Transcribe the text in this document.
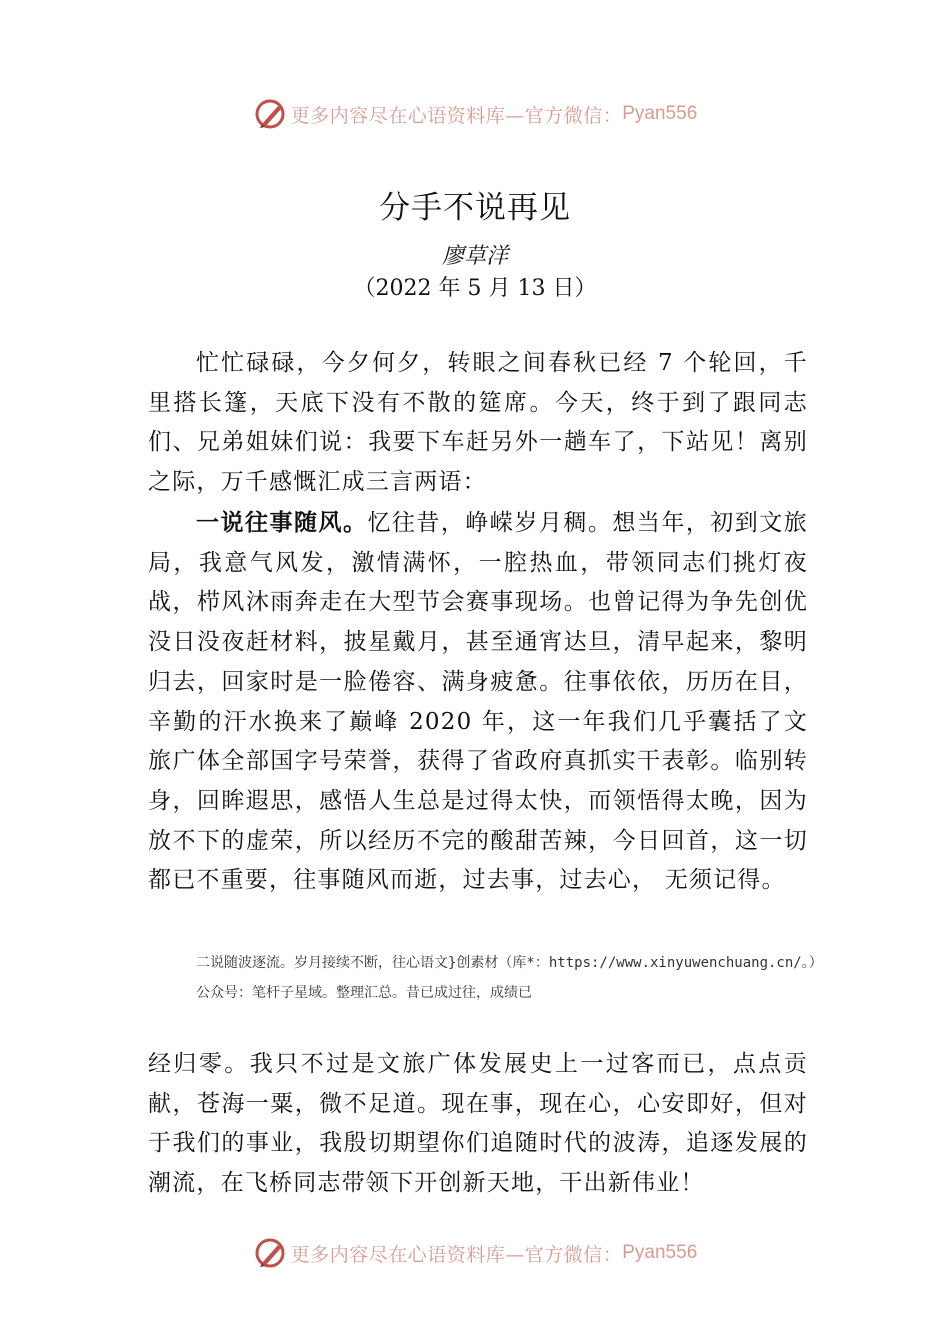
更多内容尽在心语资料库—官方微信： Pyan556
分手不说再见
廖草洋
（2022 年 5 月 13 日）

忙忙碌碌，今夕何夕，转眼之间春秋已经 7 个轮回，千里搭长篷，天底下没有不散的筵席。今天，终于到了跟同志们、兄弟姐妹们说：我要下车赶另外一趟车了，下站见！离别之际，万千感慨汇成三言两语：

一说往事随风。忆往昔，峥嵘岁月稠。想当年，初到文旅局，我意气风发，激情满怀，一腔热血，带领同志们挑灯夜战，栉风沐雨奔走在大型节会赛事现场。也曾记得为争先创优没日没夜赶材料，披星戴月，甚至通宵达旦，清早起来，黎明归去，回家时是一脸倦容、满身疲惫。往事依依，历历在目，辛勤的汗水换来了巅峰 2020 年，这一年我们几乎囊括了文旅广体全部国字号荣誉，获得了省政府真抓实干表彰。临别转身，回眸遐思，感悟人生总是过得太快，而领悟得太晚，因为放不下的虚荣，所以经历不完的酸甜苦辣，今日回首，这一切都已不重要，往事随风而逝，过去事，过去心， 无须记得。

二说随波逐流。岁月接续不断，往心语文}创素材（库*：https://www.xinyuwenchuang.cn/。）公众号：笔杆子星域。整理汇总。昔已成过往，成绩已

经归零。我只不过是文旅广体发展史上一过客而已，点点贡献，苍海一粟，微不足道。现在事，现在心，心安即好，但对于我们的事业，我殷切期望你们追随时代的波涛，追逐发展的潮流，在飞桥同志带领下开创新天地，干出新伟业！

更多内容尽在心语资料库—官方微信： Pyan556
